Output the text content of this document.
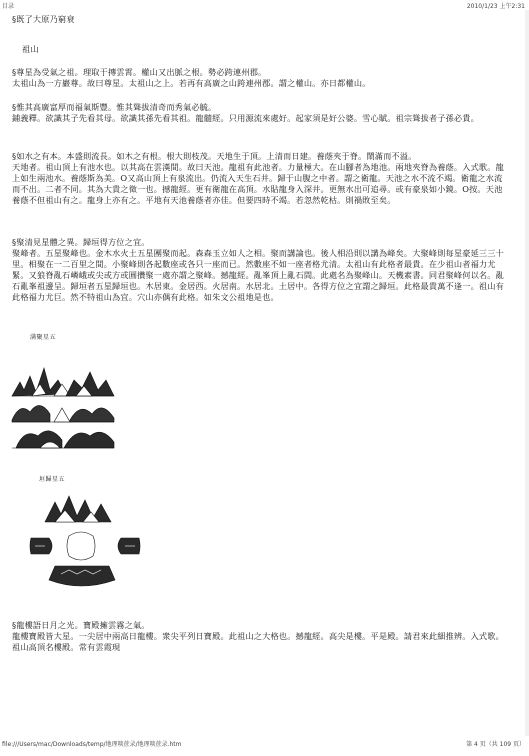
目录	2010/1/23 上午2:31
§既了大原乃窮衰
祖山
§尊星為受氣之祖。理取于摶雲霄。權山又出脈之根。勢必跨連州郡。
太祖山為一方巖尊。故曰尊星。太祖山之上。若再有高廣之山跨連州郡。謂之權山。亦日都權山。
§惟其高廣富厚而福氣斯豐。惟其聳拔清奇而秀氣必毓。
鋪義釋。欲識其子先看其母。欲識其孫先看其祖。龍髓經。只用源流來處好。起家須是好公婆。雪心賦。祖宗聳拔者子孫必貴。
§如水之有本。本盛則流長。如木之有根。根大則枝茂。天地生于頂。上清而日建。養蔭夾于脊。鬧滿而不溢。
天地者。祖山頂上有池水也。以其高在雲漢間。故曰天池。龍祖有此池者。力量極大。在山腳者為地池。兩地夾脊為養蔭。入式歌。龍上如生兩池水。養蔭斯為美。O又高山頂上有泉流出。仍流入天生石井。歸于山腹之中者。謂之衛龍。天池之水不流不竭。衛龍之水流而不出。二者不同。其為大貴之徵一也。撼龍經。更有衛龍在高頂。水貼龍身入深井。更無水出可追尋。或有豪泉如小鏡。O按。天池養蔭不但祖山有之。龍身上亦有之。平地有天池養蔭者亦佳。但要四時不竭。若忽然乾枯。則禍敗至矣。
§聚清見星體之異。歸垣得方位之宜。
聚峰者。五星聚峰也。金木水火土五星團聚而起。森森玉立如人之相。聚而講論也。後人相沿則以講為峰矣。大聚峰則每星豪延三三十里。相聚在一二百里之間。小聚峰則各起數座或各只一座而已。然數座不如一座者格尤清。太祖山有此格者最貴。在少祖山者福力尤緊。又狼脊亂石嶙峨或尖或方或圓攢聚一處亦謂之聚峰。撼龍經。亂峯頂上亂石間。此處名為聚峰山。天機素書。同君聚峰何以名。亂石亂峯祖邊呈。歸垣者五星歸垣也。木居東。金居西。火居南。水居北。土居中。各得方位之宜謂之歸垣。此格最貴萬不逢一。祖山有此格福力尤巨。然不特祖山為宜。穴山亦偶有此格。如朱文公祖地是也。
满聚星五
垣歸星五
§龍樓語日月之光。寶殿擁雲霧之氣。
龍樓寶殿皆大星。一尖居中兩高日龍樓。衆尖平列日寶殿。此祖山之大格也。撼龍經。高尖是樓。平是殿。請君來此細推辨。入式歌。祖山高頂名樓殿。常有雲霞現
file:///Users/mac/Downloads/temp/地理啖蔗录/地理啖蔗录.htm	第 4 页（共 109 页）
